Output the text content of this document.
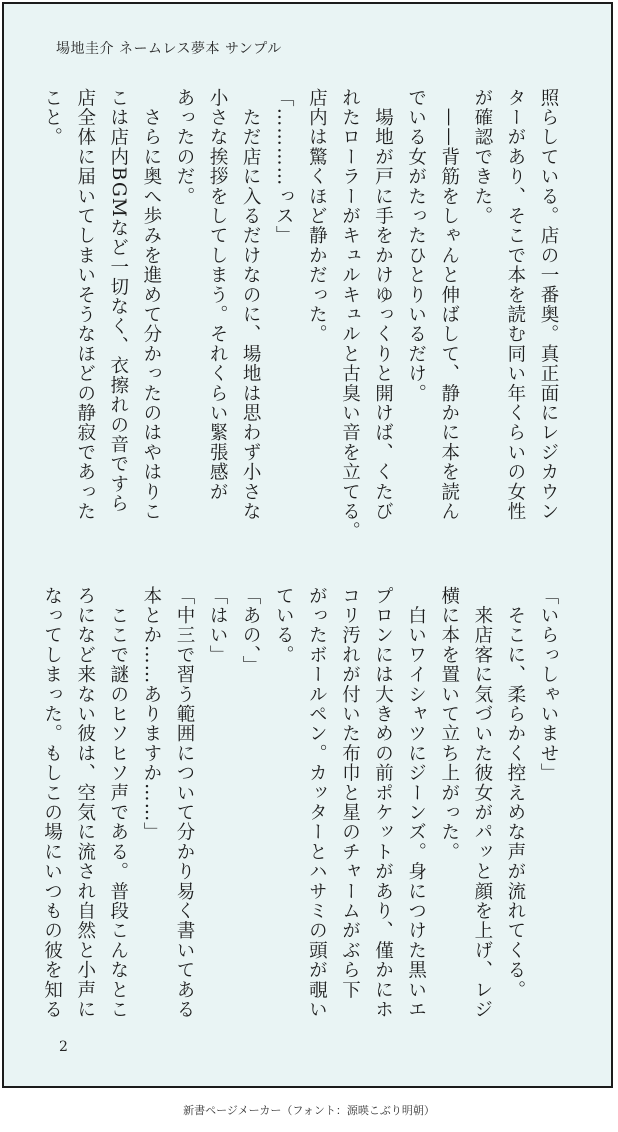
場地圭介 ネームレス夢本 サンプル
照らしている。店の一番奥。真正面にレジカウン
ターがあり、そこで本を読む同い年くらいの女性
が確認できた。
　——背筋をしゃんと伸ばして、静かに本を読ん
でいる女がたったひとりいるだけ。
　場地が戸に手をかけゆっくりと開けば、くたび
れたローラーがキュルキュルと古臭い音を立てる。
店内は驚くほど静かだった。
「…………っス」
　ただ店に入るだけなのに、場地は思わず小さな
小さな挨拶をしてしまう。それくらい緊張感が
あったのだ。
　さらに奥へ歩みを進めて分かったのはやはりこ
こは店内BGMなど一切なく、衣擦れの音ですら
店全体に届いてしまいそうなほどの静寂であった
こと。
「いらっしゃいませ」
　そこに、柔らかく控えめな声が流れてくる。
　来店客に気づいた彼女がパッと顔を上げ、レジ
横に本を置いて立ち上がった。
　白いワイシャツにジーンズ。身につけた黒いエ
プロンには大きめの前ポケットがあり、僅かにホ
コリ汚れが付いた布巾と星のチャームがぶら下
がったボールペン。カッターとハサミの頭が覗い
ている。
「あの、」
「はい」
「中三で習う範囲について分かり易く書いてある
本とか……ありますか……」
　ここで謎のヒソヒソ声である。普段こんなとこ
ろになど来ない彼は、空気に流され自然と小声に
なってしまった。もしこの場にいつもの彼を知る
2
新書ページメーカー（フォント：源暎こぶり明朝）
